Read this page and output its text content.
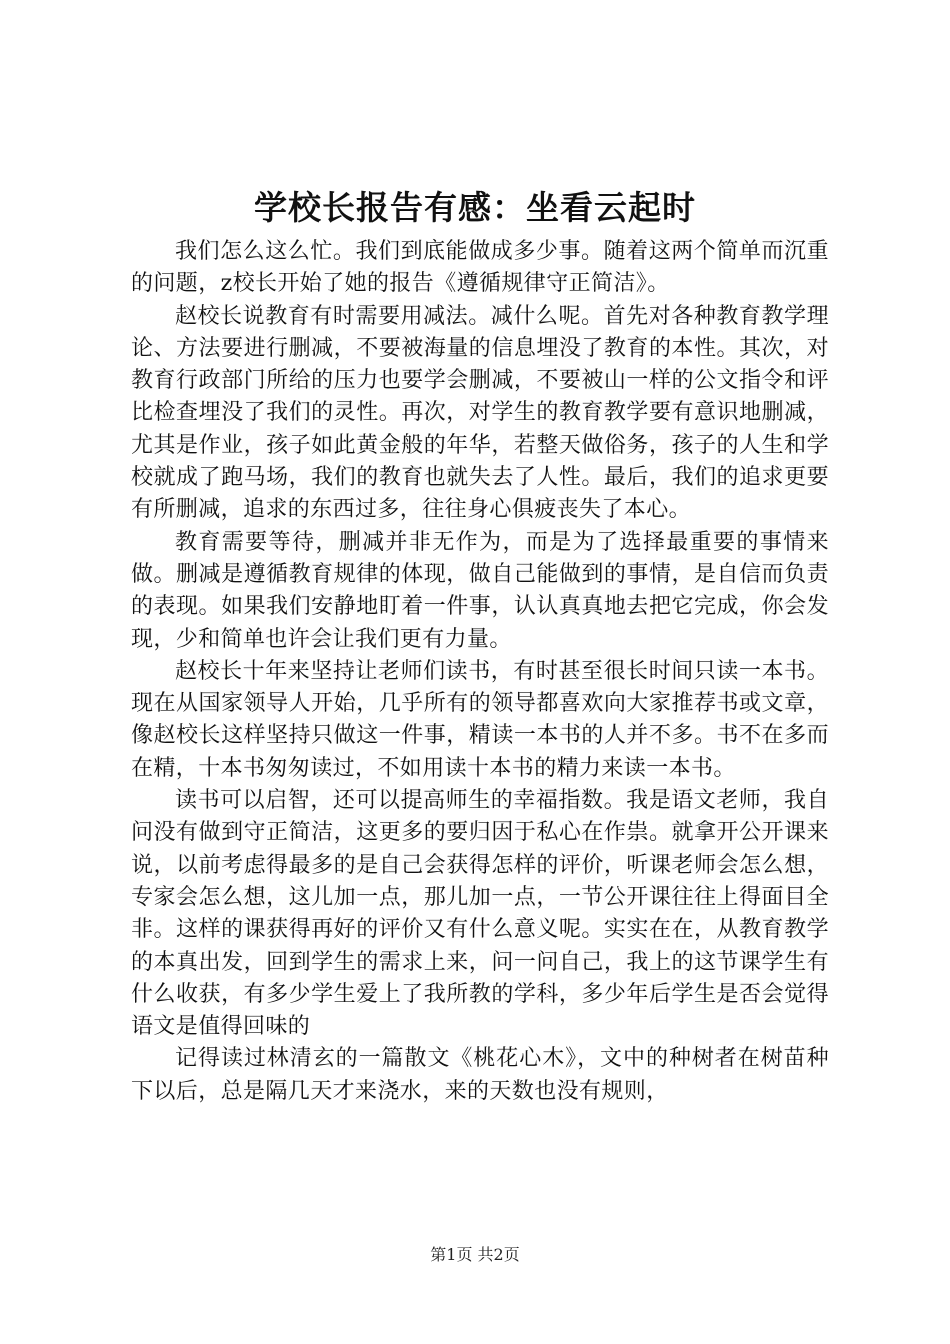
学校长报告有感：坐看云起时

我们怎么这么忙。我们到底能做成多少事。随着这两个简单而沉重的问题，z校长开始了她的报告《遵循规律守正简洁》。

赵校长说教育有时需要用减法。减什么呢。首先对各种教育教学理论、方法要进行删减，不要被海量的信息埋没了教育的本性。其次，对教育行政部门所给的压力也要学会删减，不要被山一样的公文指令和评比检查埋没了我们的灵性。再次，对学生的教育教学要有意识地删减，尤其是作业，孩子如此黄金般的年华，若整天做俗务，孩子的人生和学校就成了跑马场，我们的教育也就失去了人性。最后，我们的追求更要有所删减，追求的东西过多，往往身心俱疲丧失了本心。

教育需要等待，删减并非无作为，而是为了选择最重要的事情来做。删减是遵循教育规律的体现，做自己能做到的事情，是自信而负责的表现。如果我们安静地盯着一件事，认认真真地去把它完成，你会发现，少和简单也许会让我们更有力量。

赵校长十年来坚持让老师们读书，有时甚至很长时间只读一本书。现在从国家领导人开始，几乎所有的领导都喜欢向大家推荐书或文章，像赵校长这样坚持只做这一件事，精读一本书的人并不多。书不在多而在精，十本书匆匆读过，不如用读十本书的精力来读一本书。

读书可以启智，还可以提高师生的幸福指数。我是语文老师，我自问没有做到守正简洁，这更多的要归因于私心在作祟。就拿开公开课来说，以前考虑得最多的是自己会获得怎样的评价，听课老师会怎么想，专家会怎么想，这儿加一点，那儿加一点，一节公开课往往上得面目全非。这样的课获得再好的评价又有什么意义呢。实实在在，从教育教学的本真出发，回到学生的需求上来，问一问自己，我上的这节课学生有什么收获，有多少学生爱上了我所教的学科，多少年后学生是否会觉得语文是值得回味的

记得读过林清玄的一篇散文《桃花心木》，文中的种树者在树苗种下以后，总是隔几天才来浇水，来的天数也没有规则，

第1页 共2页
